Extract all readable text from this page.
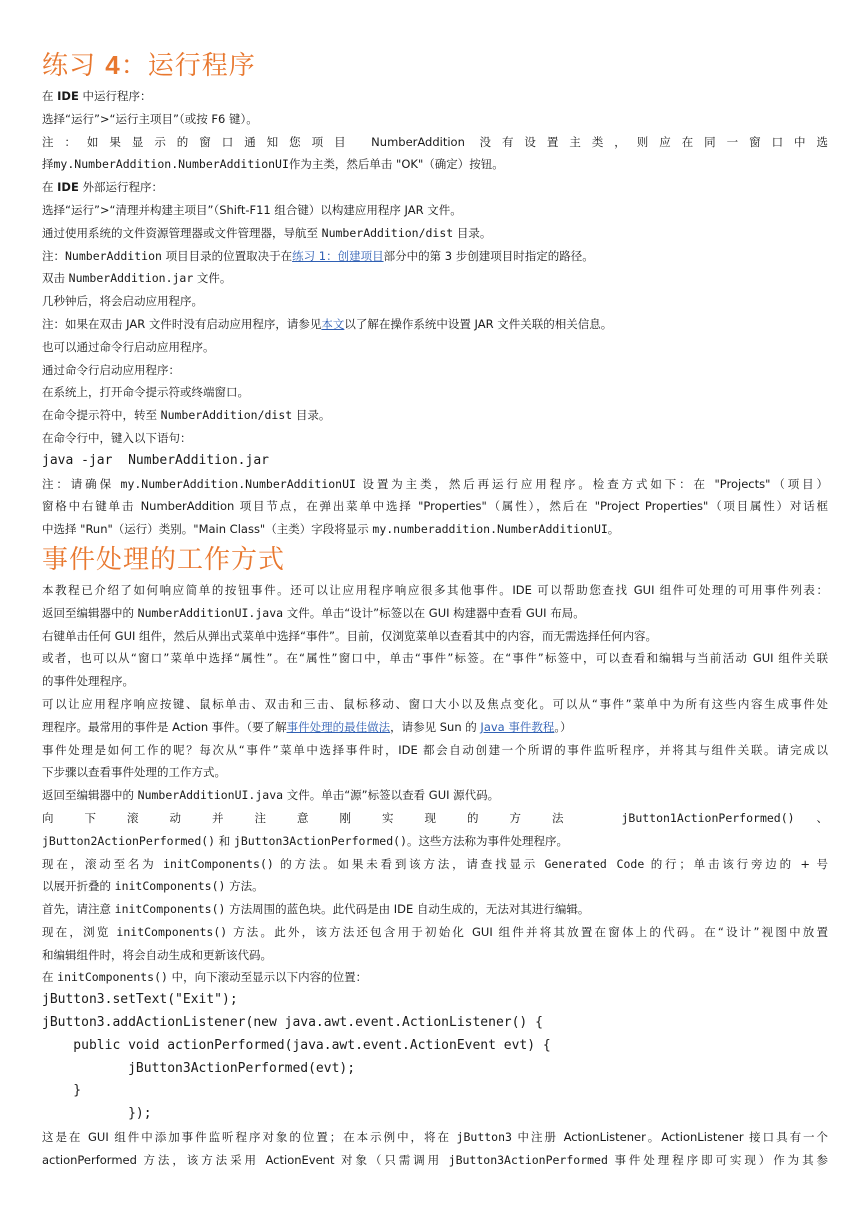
练习 4：运行程序
在 IDE 中运行程序：
选择“运行”>“运行主项目”（或按 F6 键）。
注：如果显示的窗口通知您项目 NumberAddition 没有设置主类，则应在同一窗口中选
择my.NumberAddition.NumberAdditionUI作为主类，然后单击 "OK"（确定）按钮。
在 IDE 外部运行程序：
选择“运行”>“清理并构建主项目”（Shift-F11 组合键）以构建应用程序 JAR 文件。
通过使用系统的文件资源管理器或文件管理器，导航至 NumberAddition/dist 目录。
注：NumberAddition 项目目录的位置取决于在练习 1：创建项目部分中的第 3 步创建项目时指定的路径。
双击 NumberAddition.jar 文件。
几秒钟后，将会启动应用程序。
注：如果在双击 JAR 文件时没有启动应用程序，请参见本文以了解在操作系统中设置 JAR 文件关联的相关信息。
也可以通过命令行启动应用程序。
通过命令行启动应用程序：
在系统上，打开命令提示符或终端窗口。
在命令提示符中，转至 NumberAddition/dist 目录。
在命令行中，键入以下语句：
java -jar  NumberAddition.jar
注：请确保 my.NumberAddition.NumberAdditionUI 设置为主类，然后再运行应用程序。检查方式如下：在 "Projects"（项目）
窗格中右键单击 NumberAddition 项目节点，在弹出菜单中选择 "Properties"（属性），然后在 "Project Properties"（项目属性）对话框
中选择 "Run"（运行）类别。"Main Class"（主类）字段将显示 my.numberaddition.NumberAdditionUI。
事件处理的工作方式
本教程已介绍了如何响应简单的按钮事件。还可以让应用程序响应很多其他事件。IDE 可以帮助您查找 GUI 组件可处理的可用事件列表：
返回至编辑器中的 NumberAdditionUI.java 文件。单击“设计”标签以在 GUI 构建器中查看 GUI 布局。
右键单击任何 GUI 组件，然后从弹出式菜单中选择“事件”。目前，仅浏览菜单以查看其中的内容，而无需选择任何内容。
或者，也可以从“窗口”菜单中选择“属性”。在“属性”窗口中，单击“事件”标签。在“事件”标签中，可以查看和编辑与当前活动 GUI 组件关联
的事件处理程序。
可以让应用程序响应按键、鼠标单击、双击和三击、鼠标移动、窗口大小以及焦点变化。可以从“事件”菜单中为所有这些内容生成事件处
理程序。最常用的事件是 Action 事件。（要了解事件处理的最佳做法，请参见 Sun 的 Java 事件教程。）
事件处理是如何工作的呢？每次从“事件”菜单中选择事件时，IDE 都会自动创建一个所谓的事件监听程序，并将其与组件关联。请完成以
下步骤以查看事件处理的工作方式。
返回至编辑器中的 NumberAdditionUI.java 文件。单击“源”标签以查看 GUI 源代码。
向下滚动并注意刚实现的方法 jButton1ActionPerformed() 、
jButton2ActionPerformed() 和 jButton3ActionPerformed()。这些方法称为事件处理程序。
现在，滚动至名为 initComponents() 的方法。如果未看到该方法，请查找显示 Generated Code 的行；单击该行旁边的 + 号
以展开折叠的 initComponents() 方法。
首先，请注意 initComponents() 方法周围的蓝色块。此代码是由 IDE 自动生成的，无法对其进行编辑。
现在，浏览 initComponents() 方法。此外，该方法还包含用于初始化 GUI 组件并将其放置在窗体上的代码。在“设计”视图中放置
和编辑组件时，将会自动生成和更新该代码。
在 initComponents() 中，向下滚动至显示以下内容的位置：
jButton3.setText("Exit");
jButton3.addActionListener(new java.awt.event.ActionListener() {
public void actionPerformed(java.awt.event.ActionEvent evt) {
jButton3ActionPerformed(evt);
}
});
这是在 GUI 组件中添加事件监听程序对象的位置；在本示例中，将在 jButton3 中注册 ActionListener。ActionListener 接口具有一个
actionPerformed 方法，该方法采用 ActionEvent 对象（只需调用 jButton3ActionPerformed 事件处理程序即可实现）作为其参
